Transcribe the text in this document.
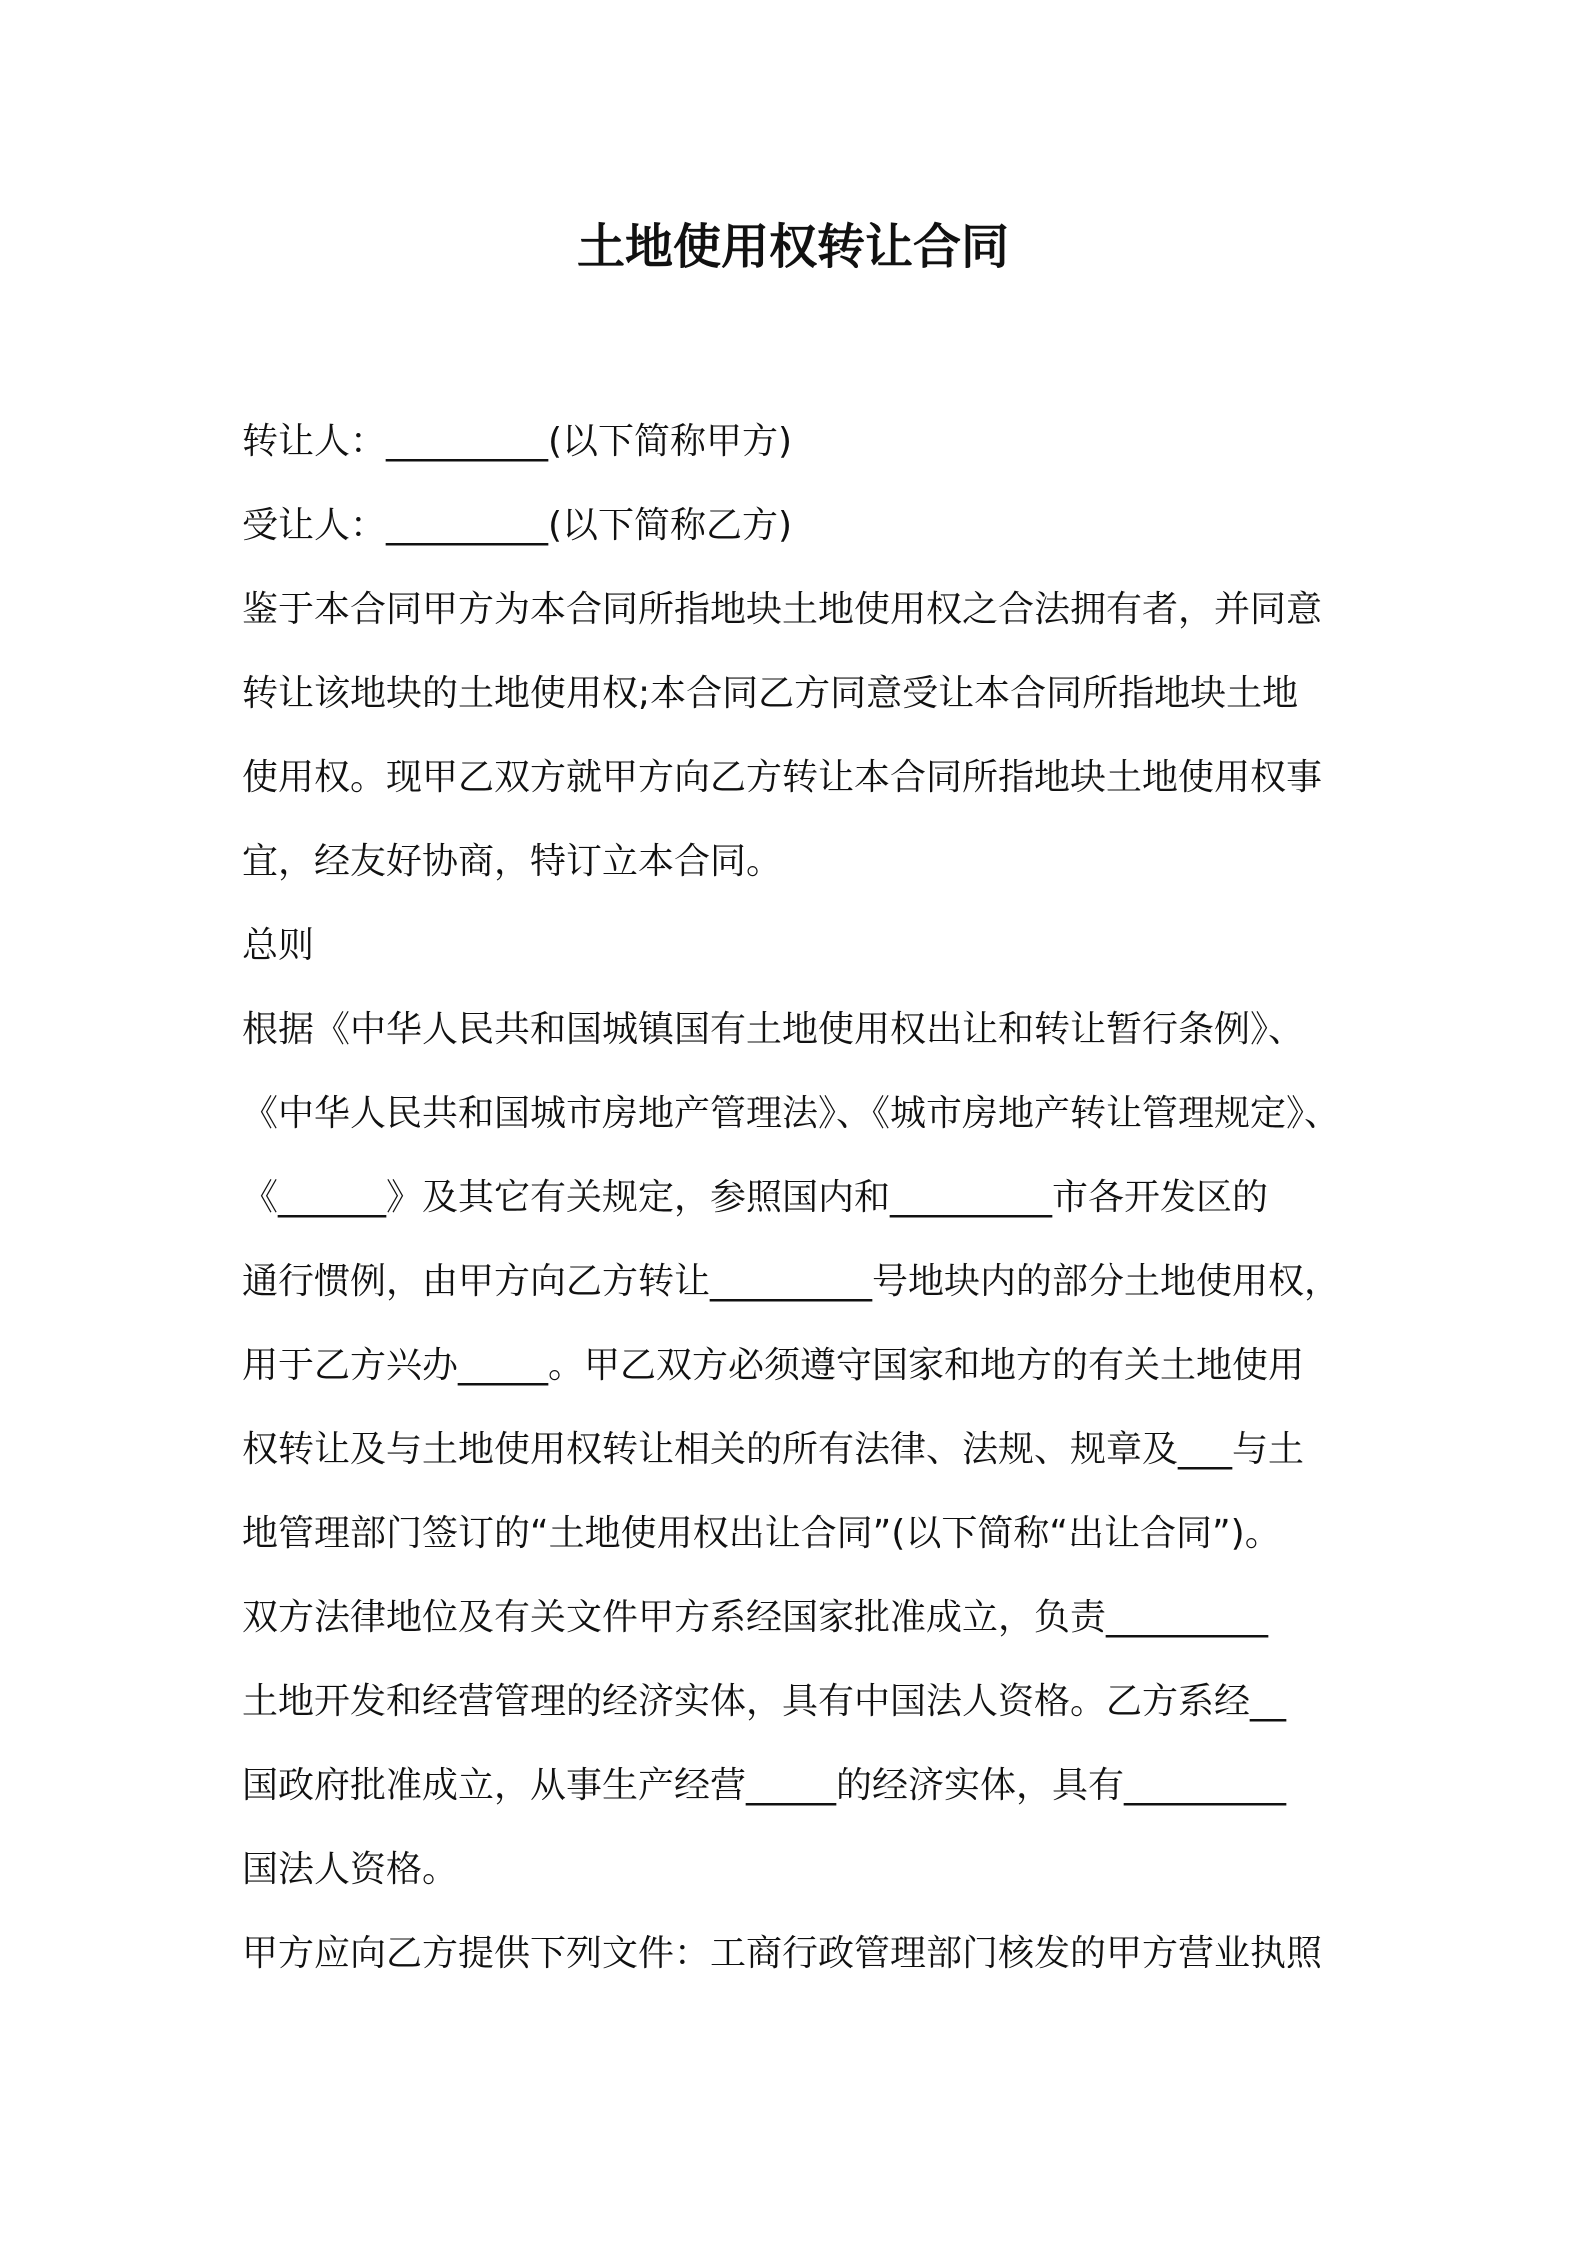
土地使用权转让合同

转让人：_________(以下简称甲方)

受让人：_________(以下简称乙方)

鉴于本合同甲方为本合同所指地块土地使用权之合法拥有者，并同意

转让该地块的土地使用权;本合同乙方同意受让本合同所指地块土地

使用权。现甲乙双方就甲方向乙方转让本合同所指地块土地使用权事

宜，经友好协商，特订立本合同。

总则

根据《中华人民共和国城镇国有土地使用权出让和转让暂行条例》、

《中华人民共和国城市房地产管理法》、《城市房地产转让管理规定》、

《______》及其它有关规定，参照国内和_________市各开发区的

通行惯例，由甲方向乙方转让_________号地块内的部分土地使用权，

用于乙方兴办_____。甲乙双方必须遵守国家和地方的有关土地使用

权转让及与土地使用权转让相关的所有法律、法规、规章及___与土

地管理部门签订的“土地使用权出让合同”(以下简称“出让合同”)。

双方法律地位及有关文件甲方系经国家批准成立，负责_________

土地开发和经营管理的经济实体，具有中国法人资格。乙方系经__

国政府批准成立，从事生产经营_____的经济实体，具有_________

国法人资格。

甲方应向乙方提供下列文件：工商行政管理部门核发的甲方营业执照
